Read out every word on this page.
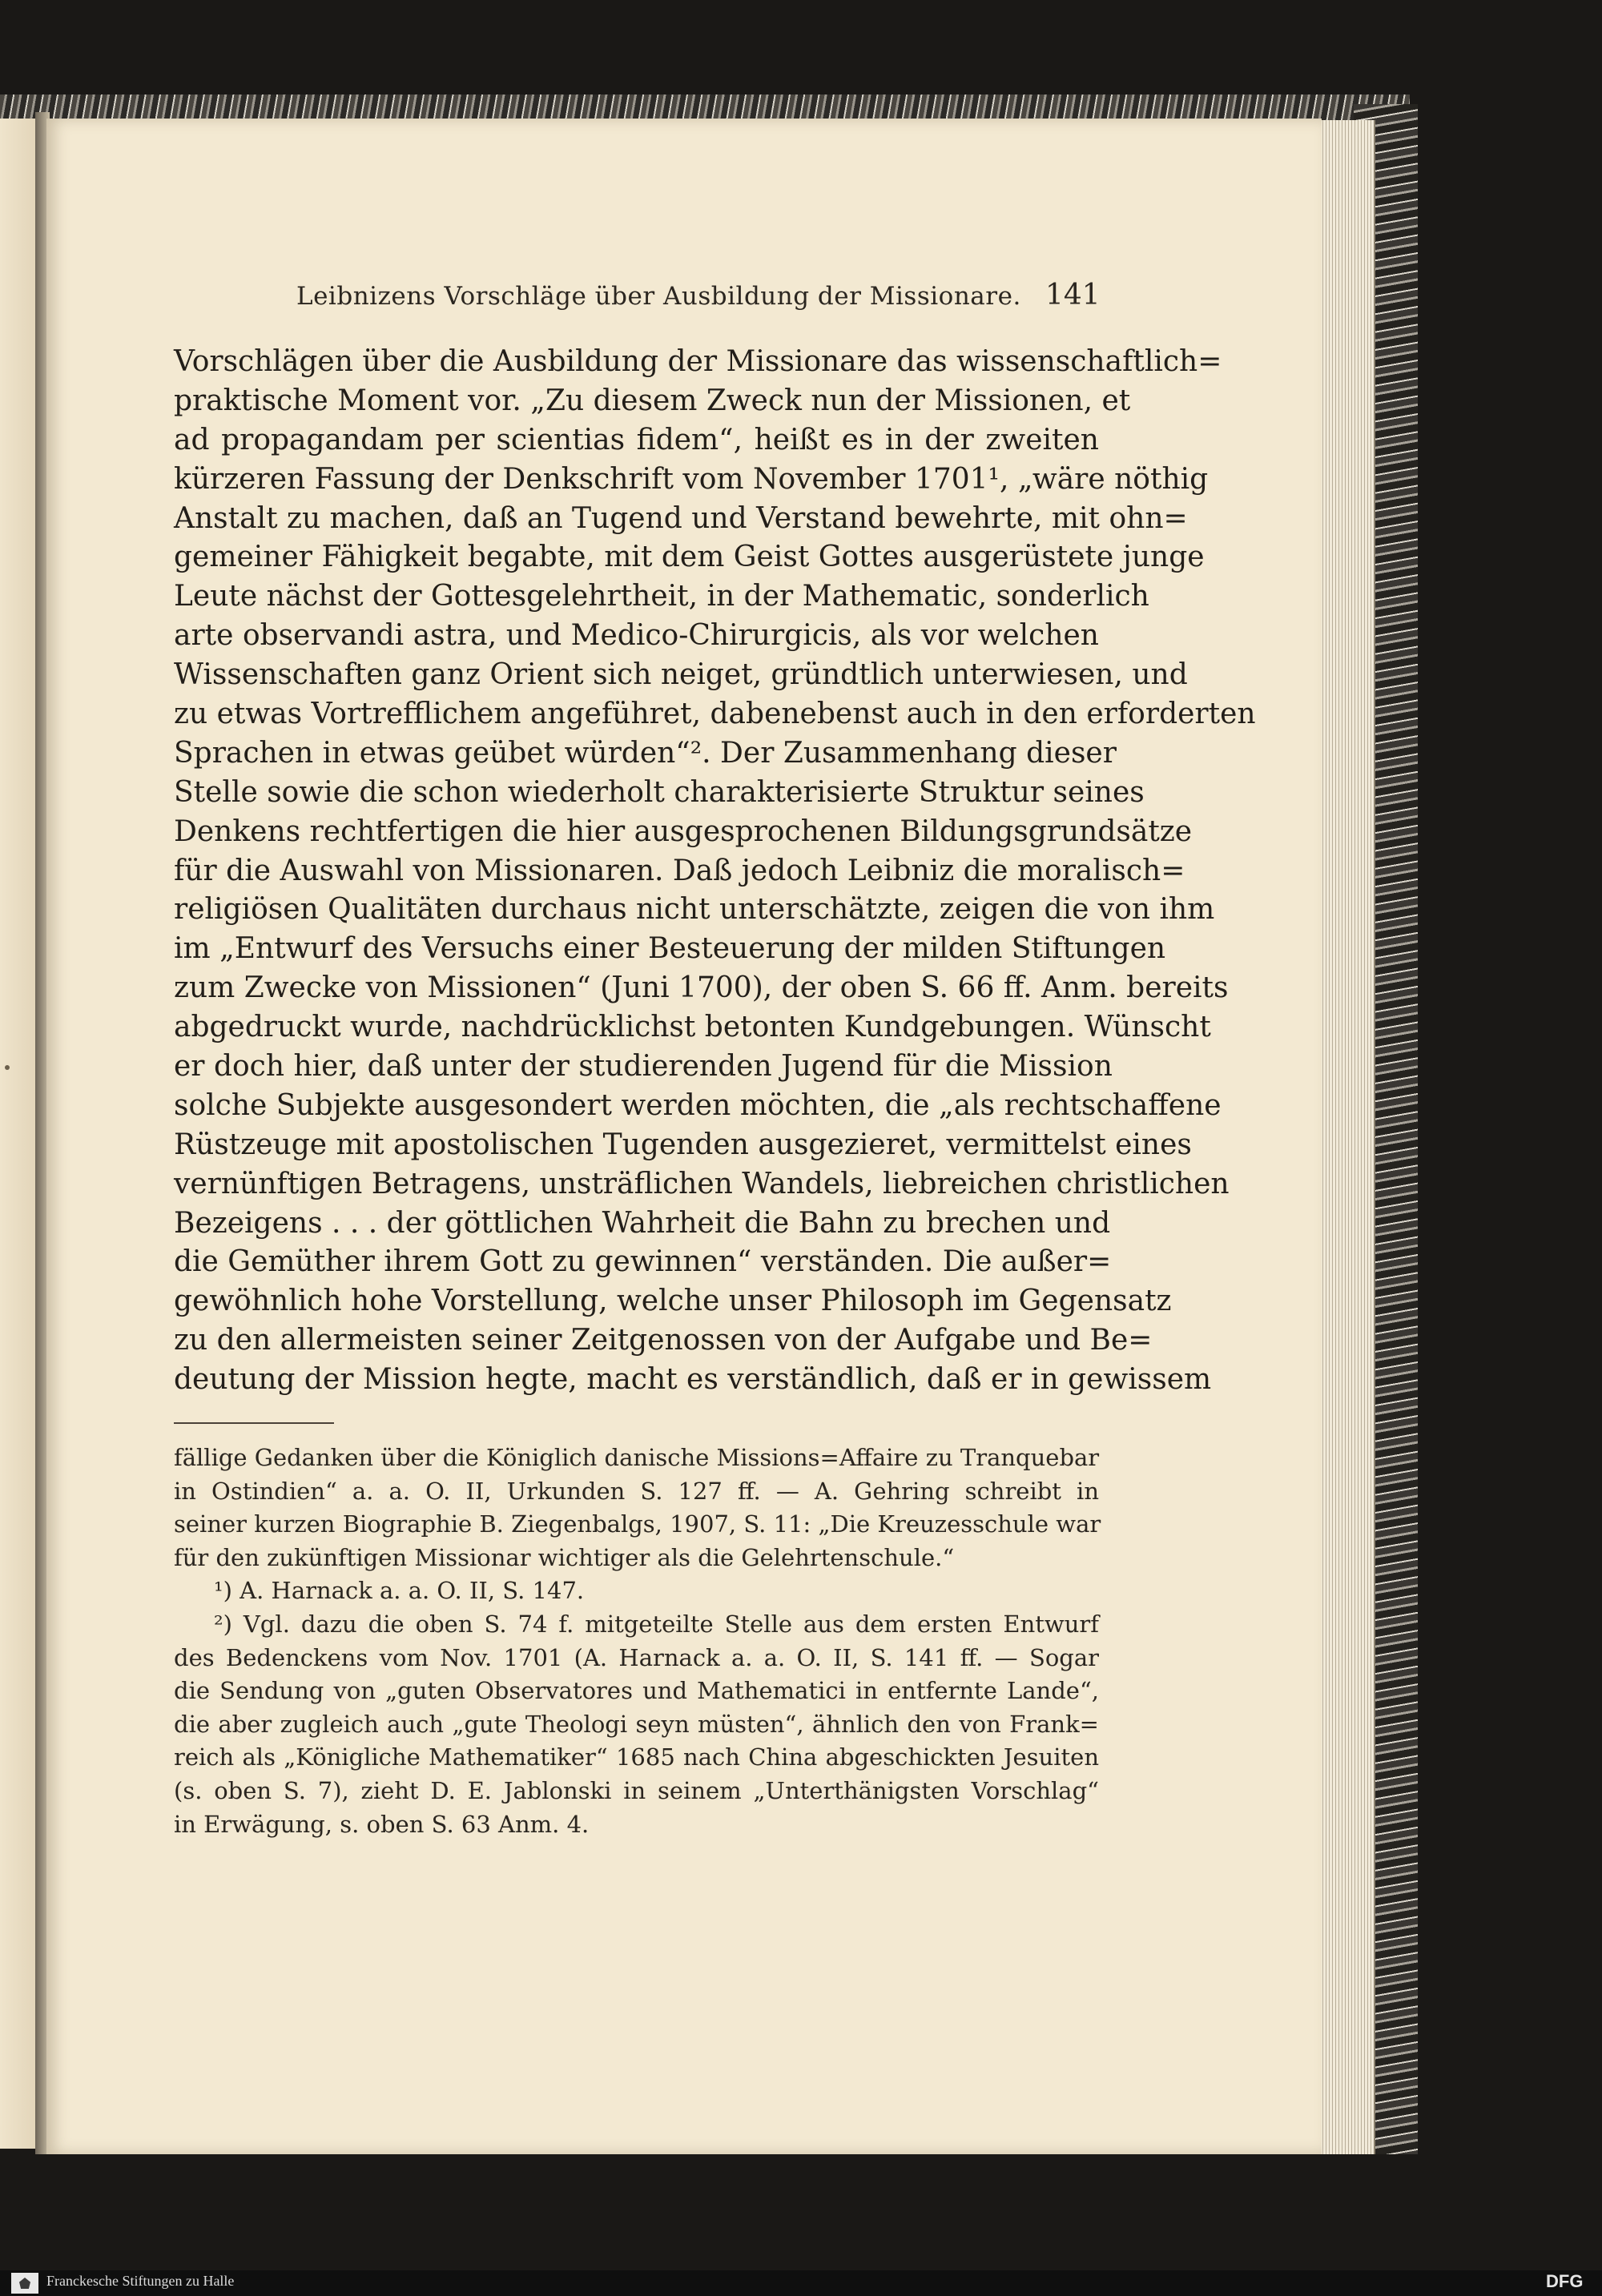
Leibnizens Vorschläge über Ausbildung der Missionare. 141
Vorschlägen über die Ausbildung der Missionare das wissenschaftlich=
praktische Moment vor. „Zu diesem Zweck nun der Missionen, et
ad propagandam per scientias fidem“, heißt es in der zweiten
kürzeren Fassung der Denkschrift vom November 1701¹, „wäre nöthig
Anstalt zu machen, daß an Tugend und Verstand bewehrte, mit ohn=
gemeiner Fähigkeit begabte, mit dem Geist Gottes ausgerüstete junge
Leute nächst der Gottesgelehrtheit, in der Mathematic, sonderlich
arte observandi astra, und Medico-Chirurgicis, als vor welchen
Wissenschaften ganz Orient sich neiget, gründtlich unterwiesen, und
zu etwas Vortrefflichem angeführet, dabenebenst auch in den erforderten
Sprachen in etwas geübet würden“². Der Zusammenhang dieser
Stelle sowie die schon wiederholt charakterisierte Struktur seines
Denkens rechtfertigen die hier ausgesprochenen Bildungsgrundsätze
für die Auswahl von Missionaren. Daß jedoch Leibniz die moralisch=
religiösen Qualitäten durchaus nicht unterschätzte, zeigen die von ihm
im „Entwurf des Versuchs einer Besteuerung der milden Stiftungen
zum Zwecke von Missionen“ (Juni 1700), der oben S. 66 ff. Anm. bereits
abgedruckt wurde, nachdrücklichst betonten Kundgebungen. Wünscht
er doch hier, daß unter der studierenden Jugend für die Mission
solche Subjekte ausgesondert werden möchten, die „als rechtschaffene
Rüstzeuge mit apostolischen Tugenden ausgezieret, vermittelst eines
vernünftigen Betragens, unsträflichen Wandels, liebreichen christlichen
Bezeigens . . . der göttlichen Wahrheit die Bahn zu brechen und
die Gemüther ihrem Gott zu gewinnen“ verständen. Die außer=
gewöhnlich hohe Vorstellung, welche unser Philosoph im Gegensatz
zu den allermeisten seiner Zeitgenossen von der Aufgabe und Be=
deutung der Mission hegte, macht es verständlich, daß er in gewissem
fällige Gedanken über die Königlich danische Missions=Affaire zu Tranquebar
in Ostindien“ a. a. O. II, Urkunden S. 127 ff. — A. Gehring schreibt in
seiner kurzen Biographie B. Ziegenbalgs, 1907, S. 11: „Die Kreuzesschule war
für den zukünftigen Missionar wichtiger als die Gelehrtenschule.“
¹) A. Harnack a. a. O. II, S. 147.
²) Vgl. dazu die oben S. 74 f. mitgeteilte Stelle aus dem ersten Entwurf
des Bedenckens vom Nov. 1701 (A. Harnack a. a. O. II, S. 141 ff. — Sogar
die Sendung von „guten Observatores und Mathematici in entfernte Lande“,
die aber zugleich auch „gute Theologi seyn müsten“, ähnlich den von Frank=
reich als „Königliche Mathematiker“ 1685 nach China abgeschickten Jesuiten
(s. oben S. 7), zieht D. E. Jablonski in seinem „Unterthänigsten Vorschlag“
in Erwägung, s. oben S. 63 Anm. 4.
Franckesche Stiftungen zu Halle	DFG
